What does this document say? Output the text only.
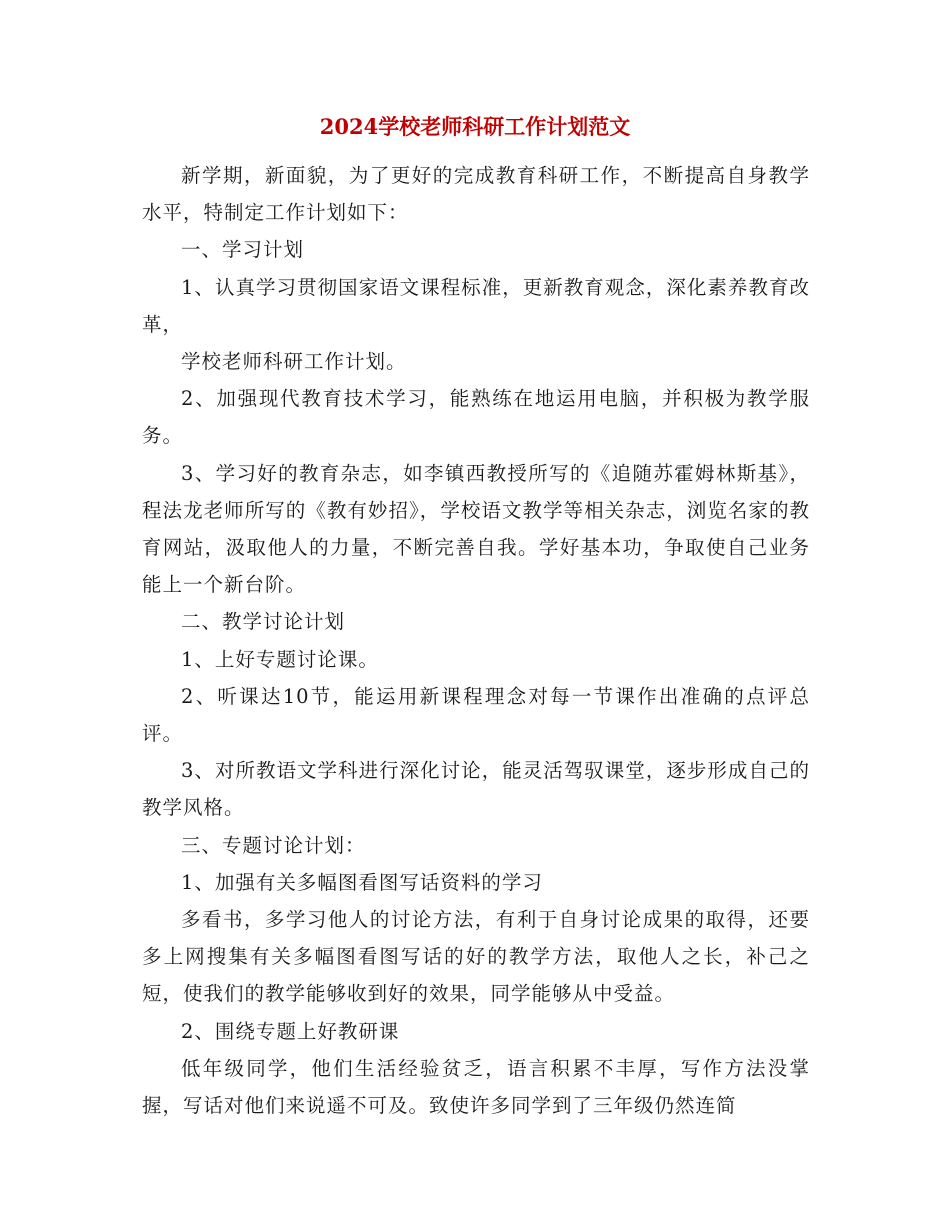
2024学校老师科研工作计划范文

新学期，新面貌，为了更好的完成教育科研工作，不断提高自身教学水平，特制定工作计划如下：

一、学习计划

1、认真学习贯彻国家语文课程标准，更新教育观念，深化素养教育改革，

学校老师科研工作计划。

2、加强现代教育技术学习，能熟练在地运用电脑，并积极为教学服务。

3、学习好的教育杂志，如李镇西教授所写的《追随苏霍姆林斯基》，程法龙老师所写的《教有妙招》，学校语文教学等相关杂志，浏览名家的教育网站，汲取他人的力量，不断完善自我。学好基本功，争取使自己业务能上一个新台阶。

二、教学讨论计划

1、上好专题讨论课。

2、听课达10节，能运用新课程理念对每一节课作出准确的点评总评。

3、对所教语文学科进行深化讨论，能灵活驾驭课堂，逐步形成自己的教学风格。

三、专题讨论计划：

1、加强有关多幅图看图写话资料的学习

多看书，多学习他人的讨论方法，有利于自身讨论成果的取得，还要多上网搜集有关多幅图看图写话的好的教学方法，取他人之长，补己之短，使我们的教学能够收到好的效果，同学能够从中受益。

2、围绕专题上好教研课

低年级同学，他们生活经验贫乏，语言积累不丰厚，写作方法没掌握，写话对他们来说遥不可及。致使许多同学到了三年级仍然连简
